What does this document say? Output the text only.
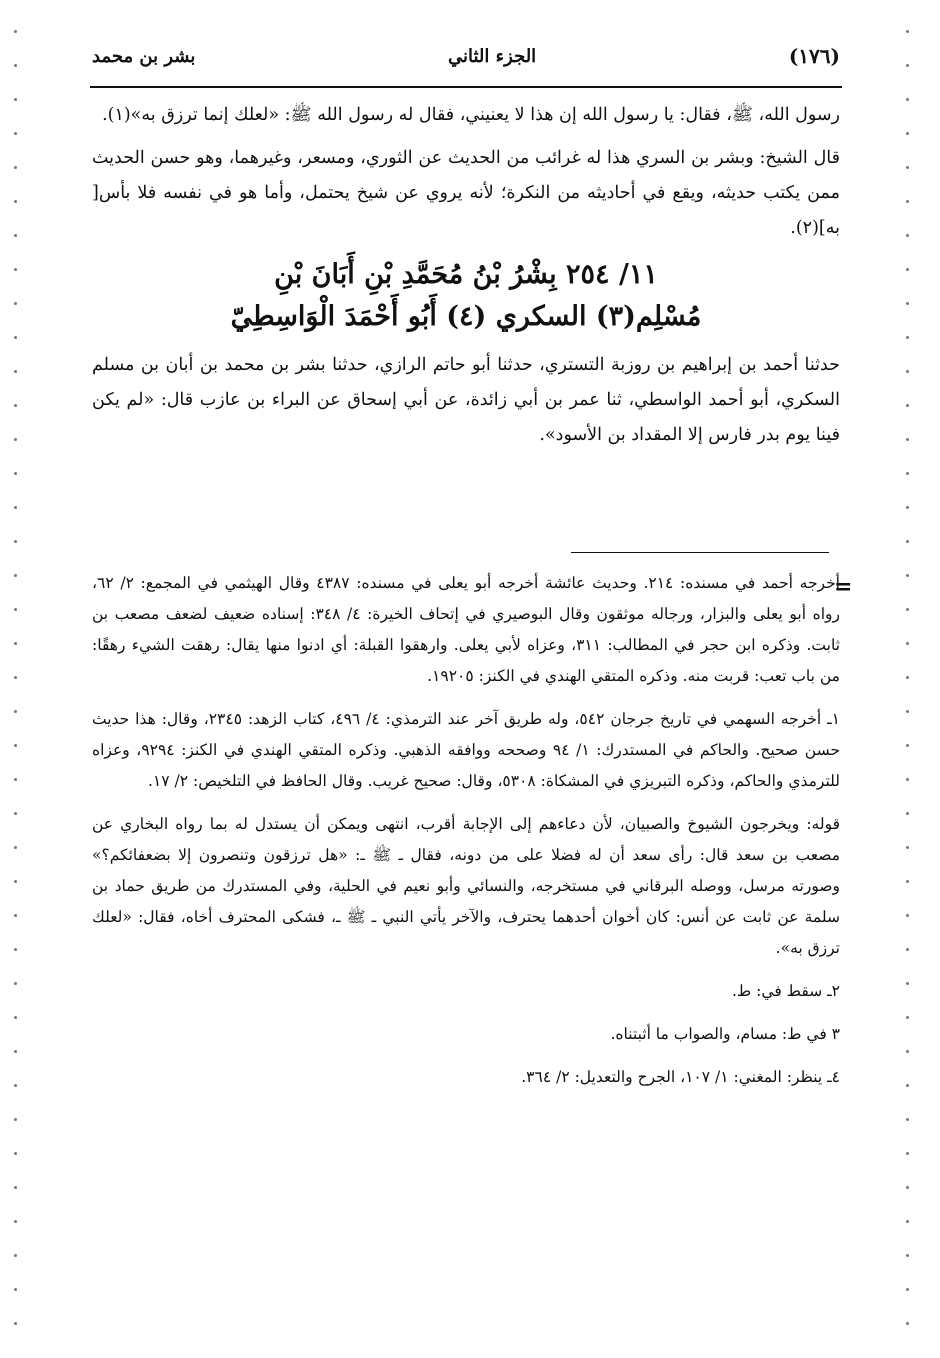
(١٧٦)
الجزء الثاني
بشر بن محمد

رسول الله، ﷺ، فقال: يا رسول الله إن هذا لا يعنيني، فقال له رسول الله ﷺ: «لعلك إنما ترزق به»(١).

قال الشيخ: وبشر بن السري هذا له غرائب من الحديث عن الثوري، ومسعر، وغيرهما، وهو حسن الحديث ممن يكتب حديثه، ويقع في أحاديثه من النكرة؛ لأنه يروي عن شيخ يحتمل، وأما هو في نفسه فلا بأس[ به](٢).

١١/ ٢٥٤ بِشْرُ بْنُ مُحَمَّدِ بْنِ أَبَانَ بْنِ
مُسْلِم(٣) السكري (٤) أَبُو أَحْمَدَ الْوَاسِطِيّ

حدثنا أحمد بن إبراهيم بن روزبة التستري، حدثنا أبو حاتم الرازي، حدثنا بشر بن محمد بن أبان بن مسلم السكري، أبو أحمد الواسطي، ثنا عمر بن أبي زائدة، عن أبي إسحاق عن البراء بن عازب قال: «لم يكن فينا يوم بدر فارس إلا المقداد بن الأسود».

=

أخرجه أحمد في مسنده: ٢١٤. وحديث عائشة أخرجه أبو يعلى في مسنده: ٤٣٨٧ وقال الهيثمي في المجمع: ٢/ ٦٢، رواه أبو يعلى والبزار، ورجاله موثقون وقال البوصيري في إتحاف الخيرة: ٤/ ٣٤٨: إسناده ضعيف لضعف مصعب بن ثابت. وذكره ابن حجر في المطالب: ٣١١، وعزاه لأبي يعلى. وارهقوا القبلة: أي ادنوا منها يقال: رهقت الشيء رهقًا: من باب تعب: قربت منه. وذكره المتقي الهندي في الكنز: ١٩٢٠٥.

١ـ أخرجه السهمي في تاريخ جرجان ٥٤٢، وله طريق آخر عند الترمذي: ٤/ ٤٩٦، كتاب الزهد: ٢٣٤٥، وقال: هذا حديث حسن صحيح. والحاكم في المستدرك: ١/ ٩٤ وصححه ووافقه الذهبي. وذكره المتقي الهندي في الكنز: ٩٢٩٤، وعزاه للترمذي والحاكم، وذكره التبريزي في المشكاة: ٥٣٠٨، وقال: صحيح غريب. وقال الحافظ في التلخيص: ٢/ ١٧.

قوله: ويخرجون الشيوخ والصبيان، لأن دعاءهم إلى الإجابة أقرب، انتهى ويمكن أن يستدل له بما رواه البخاري عن مصعب بن سعد قال: رأى سعد أن له فضلا على من دونه، فقال ـ ﷺ ـ: «هل ترزقون وتنصرون إلا بضعفائكم؟» وصورته مرسل، ووصله البرقاني في مستخرجه، والنسائي وأبو نعيم في الحلية، وفي المستدرك من طريق حماد بن سلمة عن ثابت عن أنس: كان أخوان أحدهما يحترف، والآخر يأتي النبي ـ ﷺ ـ، فشكى المحترف أخاه، فقال: «لعلك ترزق به».

٢ـ سقط في: ط.

٣ في ط: مسام، والصواب ما أثبتناه.

٤ـ ينظر: المغني: ١/ ١٠٧، الجرح والتعديل: ٢/ ٣٦٤.
